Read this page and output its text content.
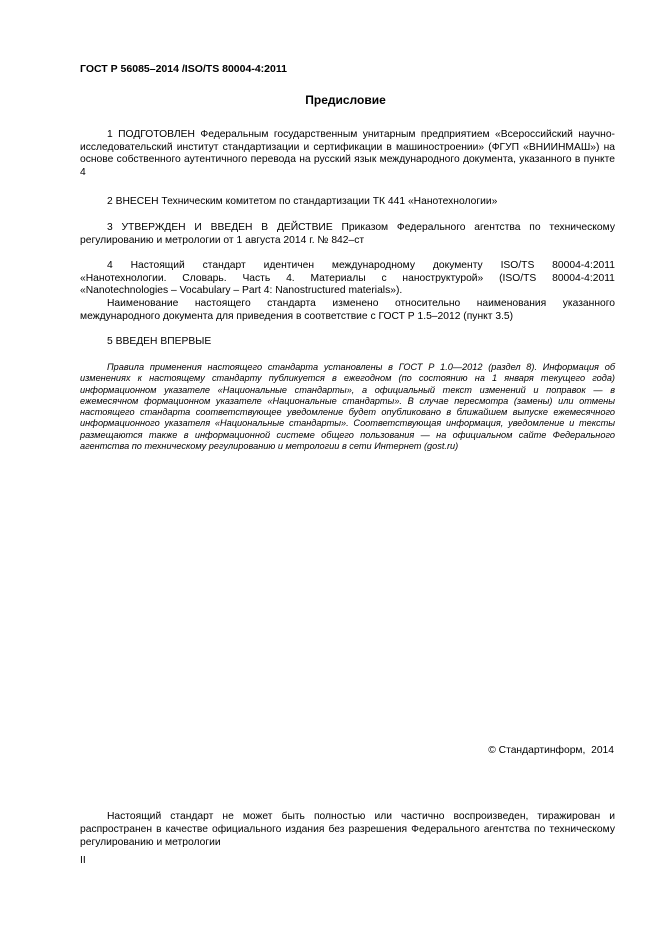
ГОСТ Р 56085–2014 /ISO/TS 80004-4:2011
Предисловие

1 ПОДГОТОВЛЕН Федеральным государственным унитарным предприятием «Всероссийский научно-исследовательский институт стандартизации и сертификации в машиностроении» (ФГУП «ВНИИНМАШ») на основе собственного аутентичного перевода на русский язык международного документа, указанного в пункте 4

2 ВНЕСЕН Техническим комитетом по стандартизации ТК 441 «Нанотехнологии»

3 УТВЕРЖДЕН И ВВЕДЕН В ДЕЙСТВИЕ Приказом Федерального агентства по техническому регулированию и метрологии от 1 августа 2014 г. № 842–ст

4 Настоящий стандарт идентичен международному документу ISO/TS 80004-4:2011
«Нанотехнологии. Словарь. Часть 4. Материалы с наноструктурой» (ISO/TS 80004-4:2011
«Nanotechnologies – Vocabulary – Part 4: Nanostructured materials»).

Наименование настоящего стандарта изменено относительно наименования указанного международного документа для приведения в соответствие с ГОСТ Р 1.5–2012 (пункт 3.5)

5 ВВЕДЕН ВПЕРВЫЕ

Правила применения настоящего стандарта установлены в ГОСТ Р 1.0—2012 (раздел 8). Информация об изменениях к настоящему стандарту публикуется в ежегодном (по состоянию на 1 января текущего года) информационном указателе «Национальные стандарты», а официальный текст изменений и поправок — в ежемесячном формационном указателе «Национальные стандарты». В случае пересмотра (замены) или отмены настоящего стандарта соответствующее уведомление будет опубликовано в ближайшем выпуске ежемесячного информационного указателя «Национальные стандарты». Соответствующая информация, уведомление и тексты размещаются также в информационной системе общего пользования — на официальном сайте Федерального агентства по техническому регулированию и метрологии в сети Интернет (gost.ru)

© Стандартинформ,  2014

Настоящий стандарт не может быть полностью или частично воспроизведен, тиражирован и распространен в качестве официального издания без разрешения Федерального агентства по техническому регулированию и метрологии

II
